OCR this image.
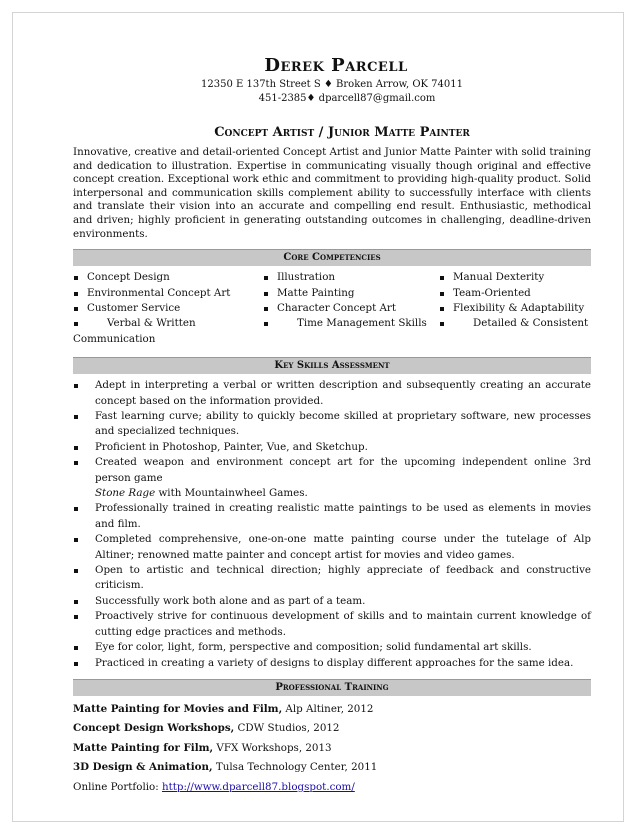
Derek Parcell
12350 E 137th Street S ♦ Broken Arrow, OK 74011
451-2385♦ dparcell87@gmail.com
Concept Artist / Junior Matte Painter
Innovative, creative and detail-oriented Concept Artist and Junior Matte Painter with solid training and dedication to illustration. Expertise in communicating visually though original and effective concept creation. Exceptional work ethic and commitment to providing high-quality product. Solid interpersonal and communication skills complement ability to successfully interface with clients and translate their vision into an accurate and compelling end result. Enthusiastic, methodical and driven; highly proficient in generating outstanding outcomes in challenging, deadline-driven environments.
Core Competencies
Concept Design
Environmental Concept Art
Customer Service
Verbal & Written
Communication
Illustration
Matte Painting
Character Concept Art
Time Management Skills
Manual Dexterity
Team-Oriented
Flexibility & Adaptability
Detailed & Consistent
Key Skills Assessment
Adept in interpreting a verbal or written description and subsequently creating an accurate concept based on the information provided.
Fast learning curve; ability to quickly become skilled at proprietary software, new processes and specialized techniques.
Proficient in Photoshop, Painter, Vue, and Sketchup.
Created weapon and environment concept art for the upcoming independent online 3rd person game
Stone Rage with Mountainwheel Games.
Professionally trained in creating realistic matte paintings to be used as elements in movies and film.
Completed comprehensive, one-on-one matte painting course under the tutelage of Alp Altiner; renowned matte painter and concept artist for movies and video games.
Open to artistic and technical direction; highly appreciate of feedback and constructive criticism.
Successfully work both alone and as part of a team.
Proactively strive for continuous development of skills and to maintain current knowledge of cutting edge practices and methods.
Eye for color, light, form, perspective and composition; solid fundamental art skills.
Practiced in creating a variety of designs to display different approaches for the same idea.
Professional Training

Matte Painting for Movies and Film, Alp Altiner, 2012

Concept Design Workshops, CDW Studios, 2012

Matte Painting for Film, VFX Workshops, 2013

3D Design & Animation, Tulsa Technology Center, 2011

Online Portfolio: http://www.dparcell87.blogspot.com/
